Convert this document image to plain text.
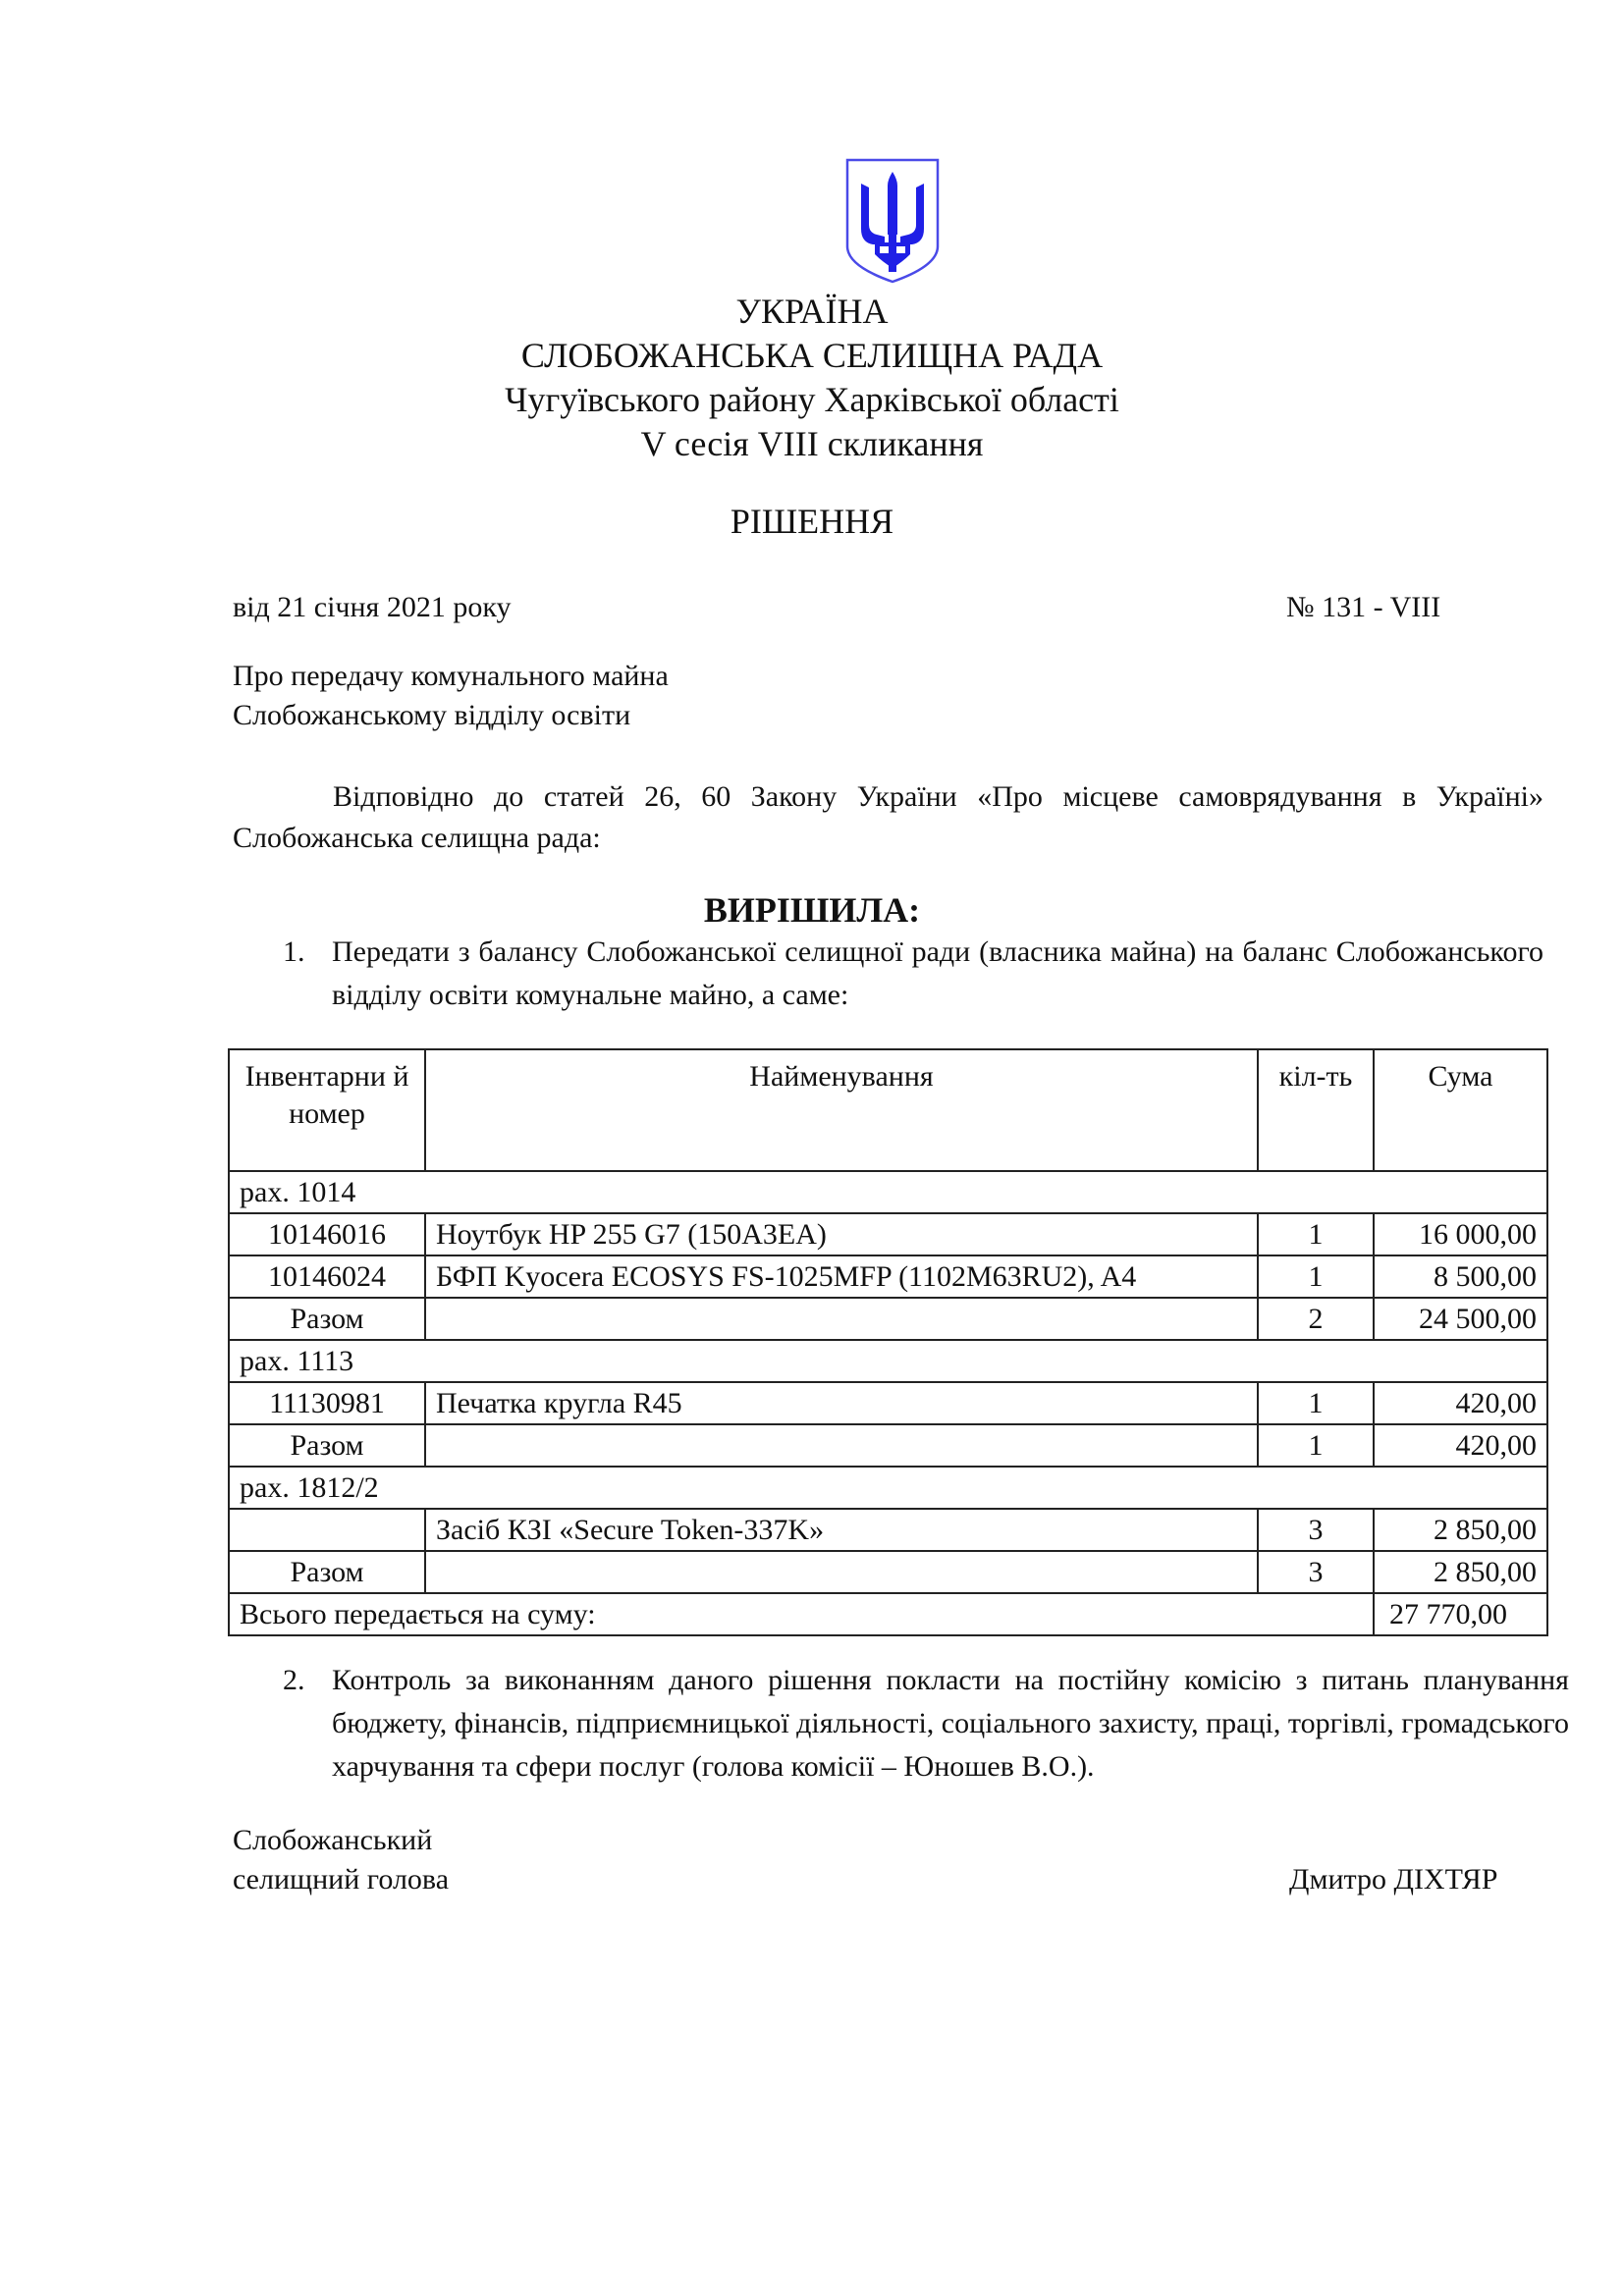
УКРАЇНА
СЛОБОЖАНСЬКА СЕЛИЩНА РАДА
Чугуївського району Харківської області
V сесія VIII скликання
РІШЕННЯ
від 21 січня 2021 року	№ 131 - VIII
Про передачу комунального майна
Слобожанському відділу освіти
Відповідно до статей 26, 60 Закону України «Про місцеве самоврядування в Україні»
Слобожанська селищна рада:
ВИРІШИЛА:
1. Передати з балансу Слобожанської селищної ради (власника майна) на баланс Слобожанського відділу освіти комунальне майно, а саме:
Інвентарни й номер	Найменування	кіл-ть	Сума
рах. 1014			
10146016	Ноутбук HP 255 G7 (150A3EA)	1	16 000,00
10146024	БФП Kyocera ECOSYS FS-1025MFP (1102M63RU2), A4	1	8 500,00
Разом		2	24 500,00
рах. 1113			
11130981	Печатка кругла R45	1	420,00
Разом		1	420,00
рах. 1812/2			
	Засіб КЗІ «Secure Token-337K»	3	2 850,00
Разом		3	2 850,00
Всього передається на суму:			27 770,00
2. Контроль за виконанням даного рішення покласти на постійну комісію з питань планування бюджету, фінансів, підприємницької діяльності, соціального захисту, праці, торгівлі, громадського харчування та сфери послуг (голова комісії – Юношев В.О.).
Слобожанський
селищний голова	Дмитро ДІХТЯР
